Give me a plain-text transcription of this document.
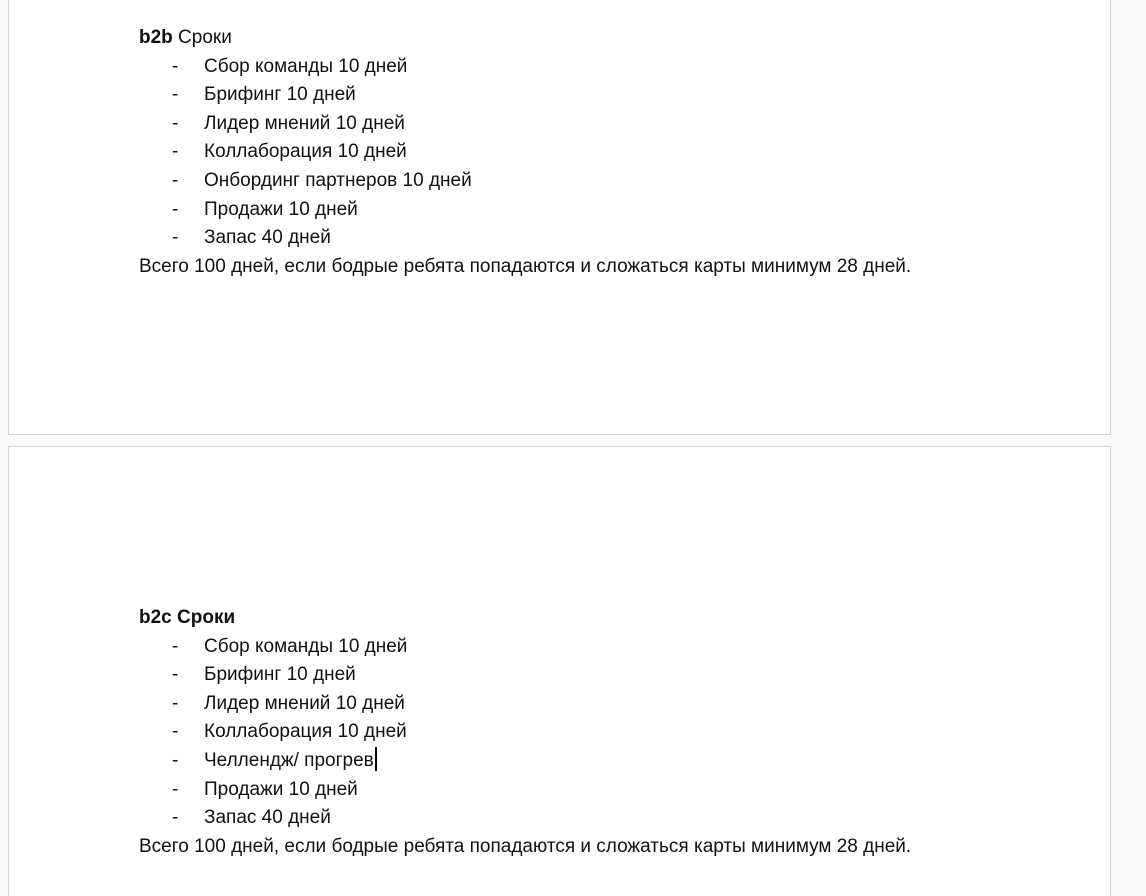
b2b Сроки
- Сбор команды 10 дней
- Брифинг 10 дней
- Лидер мнений 10 дней
- Коллаборация 10 дней
- Онбординг партнеров 10 дней
- Продажи 10 дней
- Запас 40 дней
Всего 100 дней, если бодрые ребята попадаются и сложаться карты минимум 28 дней.
b2c Сроки
- Сбор команды 10 дней
- Брифинг 10 дней
- Лидер мнений 10 дней
- Коллаборация 10 дней
- Челлендж/ прогрев
- Продажи 10 дней
- Запас 40 дней
Всего 100 дней, если бодрые ребята попадаются и сложаться карты минимум 28 дней.
